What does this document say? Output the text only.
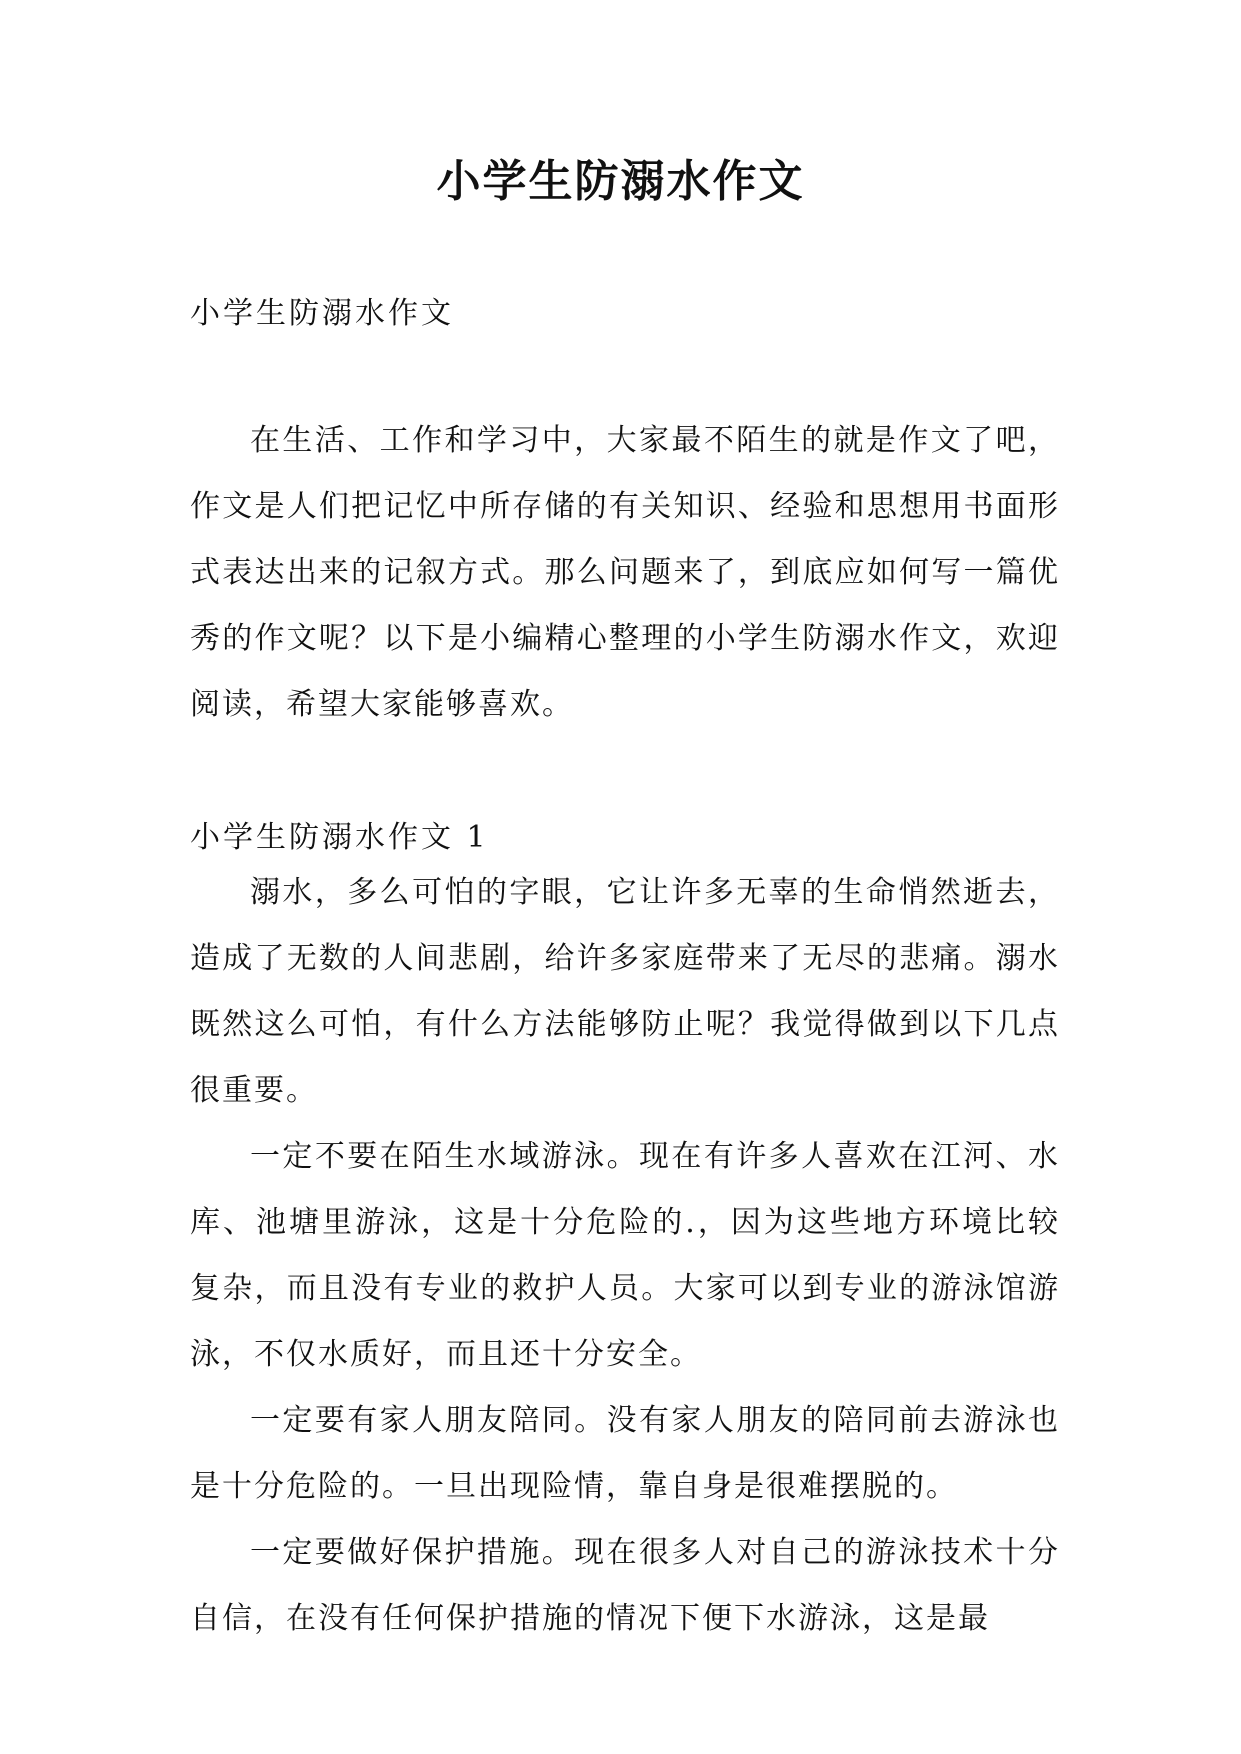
小学生防溺水作文
小学生防溺水作文

在生活、工作和学习中，大家最不陌生的就是作文了吧，作文是人们把记忆中所存储的有关知识、经验和思想用书面形式表达出来的记叙方式。那么问题来了，到底应如何写一篇优秀的作文呢？以下是小编精心整理的小学生防溺水作文，欢迎阅读，希望大家能够喜欢。

小学生防溺水作文 1

溺水，多么可怕的字眼，它让许多无辜的生命悄然逝去，造成了无数的人间悲剧，给许多家庭带来了无尽的悲痛。溺水既然这么可怕，有什么方法能够防止呢？我觉得做到以下几点很重要。

一定不要在陌生水域游泳。现在有许多人喜欢在江河、水库、池塘里游泳，这是十分危险的.，因为这些地方环境比较复杂，而且没有专业的救护人员。大家可以到专业的游泳馆游泳，不仅水质好，而且还十分安全。

一定要有家人朋友陪同。没有家人朋友的陪同前去游泳也是十分危险的。一旦出现险情，靠自身是很难摆脱的。

一定要做好保护措施。现在很多人对自己的游泳技术十分自信，在没有任何保护措施的情况下便下水游泳，这是最
